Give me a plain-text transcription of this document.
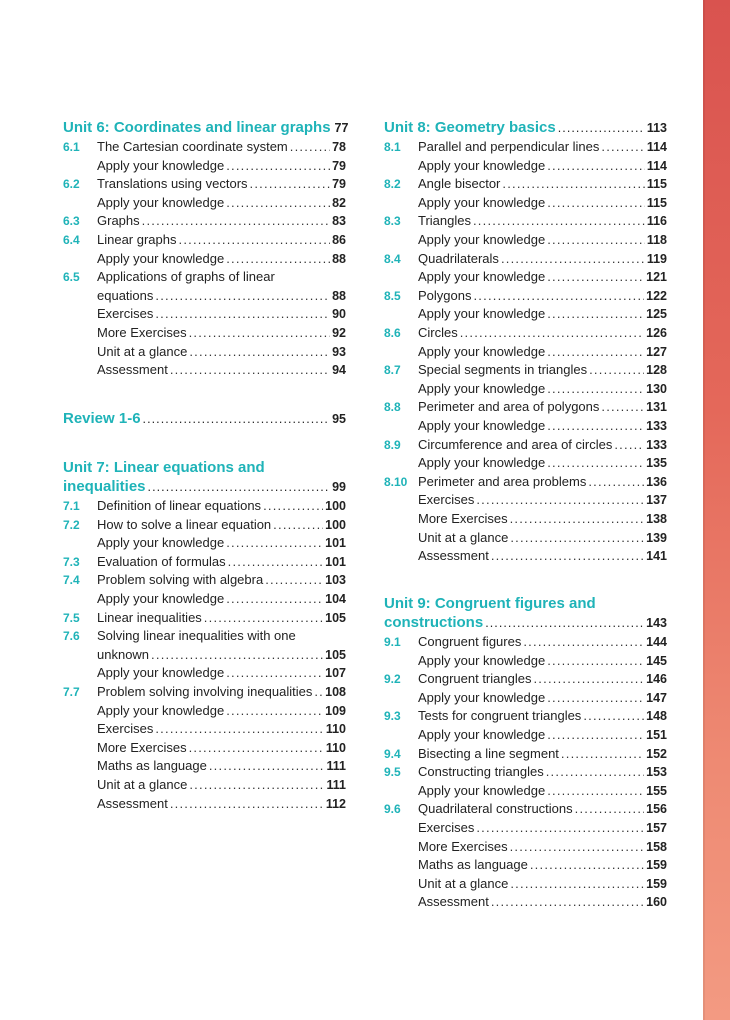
Unit 6: Coordinates and linear graphs 77
6.1	The Cartesian coordinate system . . .	78
Apply your knowledge . . .	79
6.2	Translations using vectors . . .	79
Apply your knowledge . . .	82
6.3	Graphs . . .	83
6.4	Linear graphs . . .	86
Apply your knowledge . . .	88
6.5	Applications of graphs of linear
equations . . .	88
Exercises . . .	90
More Exercises . . .	92
Unit at a glance . . .	93
Assessment . . .	94
Review 1-6 . . .	95
Unit 7: Linear equations and
inequalities . . .	99
7.1	Definition of linear equations . . .	100
7.2	How to solve a linear equation . . .	100
Apply your knowledge . . .	101
7.3	Evaluation of formulas . . .	101
7.4	Problem solving with algebra . . .	103
Apply your knowledge . . .	104
7.5	Linear inequalities . . .	105
7.6	Solving linear inequalities with one
unknown . . .	105
Apply your knowledge . . .	107
7.7	Problem solving involving inequalities . . . 108
Apply your knowledge . . .	109
Exercises . . .	110
More Exercises . . .	110
Maths as language . . .	111
Unit at a glance . . .	111
Assessment . . .	112
Unit 8: Geometry basics . . .	113
8.1	Parallel and perpendicular lines . . .	114
Apply your knowledge . . .	114
8.2	Angle bisector . . .	115
Apply your knowledge . . .	115
8.3	Triangles . . .	116
Apply your knowledge . . .	118
8.4	Quadrilaterals . . .	119
Apply your knowledge . . .	121
8.5	Polygons . . .	122
Apply your knowledge . . .	125
8.6	Circles . . .	126
Apply your knowledge . . .	127
8.7	Special segments in triangles . . .	128
Apply your knowledge . . .	130
8.8	Perimeter and area of polygons . . .	131
Apply your knowledge . . .	133
8.9	Circumference and area of circles . . .	133
Apply your knowledge . . .	135
8.10 Perimeter and area problems . . .	136
Exercises . . .	137
More Exercises . . .	138
Unit at a glance . . .	139
Assessment . . .	141
Unit 9: Congruent figures and
constructions . . .	143
9.1	Congruent figures . . .	144
Apply your knowledge . . .	145
9.2	Congruent triangles . . .	146
Apply your knowledge . . .	147
9.3	Tests for congruent triangles . . .	148
Apply your knowledge . . .	151
9.4	Bisecting a line segment . . .	152
9.5	Constructing triangles . . .	153
Apply your knowledge . . .	155
9.6	Quadrilateral constructions . . .	156
Exercises . . .	157
More Exercises . . .	158
Maths as language . . .	159
Unit at a glance . . .	159
Assessment . . .	160
